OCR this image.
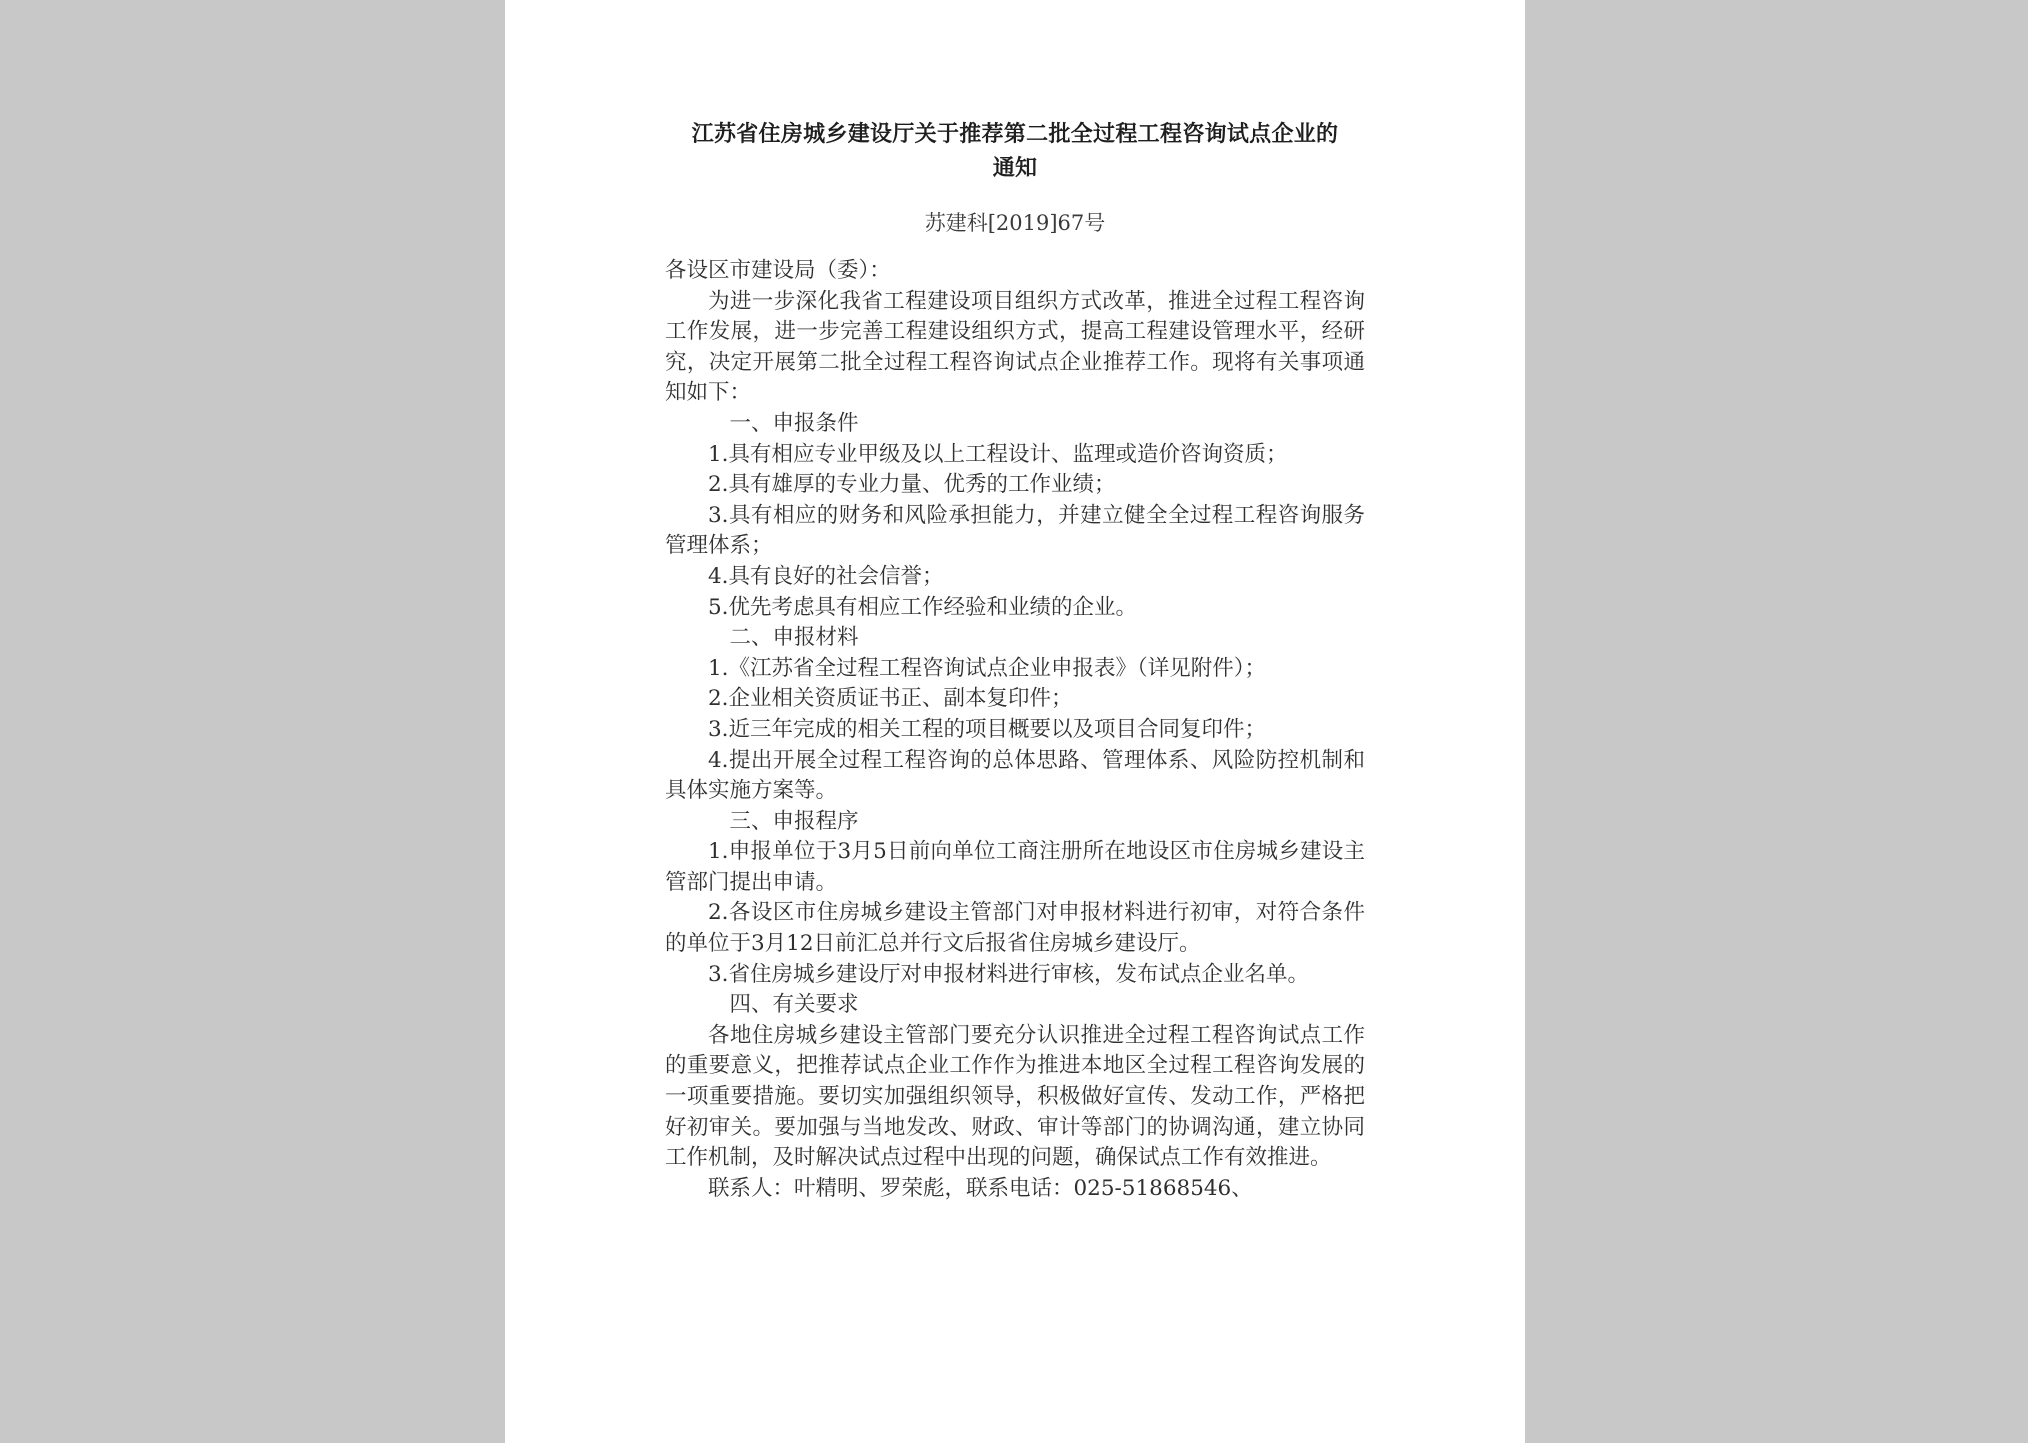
江苏省住房城乡建设厅关于推荐第二批全过程工程咨询试点企业的
通知
苏建科[2019]67号

各设区市建设局（委）：

为进一步深化我省工程建设项目组织方式改革，推进全过程工程咨询工作发展，进一步完善工程建设组织方式，提高工程建设管理水平，经研究，决定开展第二批全过程工程咨询试点企业推荐工作。现将有关事项通知如下：

一、申报条件

1.具有相应专业甲级及以上工程设计、监理或造价咨询资质；

2.具有雄厚的专业力量、优秀的工作业绩；

3.具有相应的财务和风险承担能力，并建立健全全过程工程咨询服务管理体系；

4.具有良好的社会信誉；

5.优先考虑具有相应工作经验和业绩的企业。

二、申报材料

1.《江苏省全过程工程咨询试点企业申报表》（详见附件）；

2.企业相关资质证书正、副本复印件；

3.近三年完成的相关工程的项目概要以及项目合同复印件；

4.提出开展全过程工程咨询的总体思路、管理体系、风险防控机制和具体实施方案等。

三、申报程序

1.申报单位于3月5日前向单位工商注册所在地设区市住房城乡建设主管部门提出申请。

2.各设区市住房城乡建设主管部门对申报材料进行初审，对符合条件的单位于3月12日前汇总并行文后报省住房城乡建设厅。

3.省住房城乡建设厅对申报材料进行审核，发布试点企业名单。

四、有关要求

各地住房城乡建设主管部门要充分认识推进全过程工程咨询试点工作的重要意义，把推荐试点企业工作作为推进本地区全过程工程咨询发展的一项重要措施。要切实加强组织领导，积极做好宣传、发动工作，严格把好初审关。要加强与当地发改、财政、审计等部门的协调沟通，建立协同工作机制，及时解决试点过程中出现的问题，确保试点工作有效推进。

联系人：叶精明、罗荣彪，联系电话：025-51868546、
